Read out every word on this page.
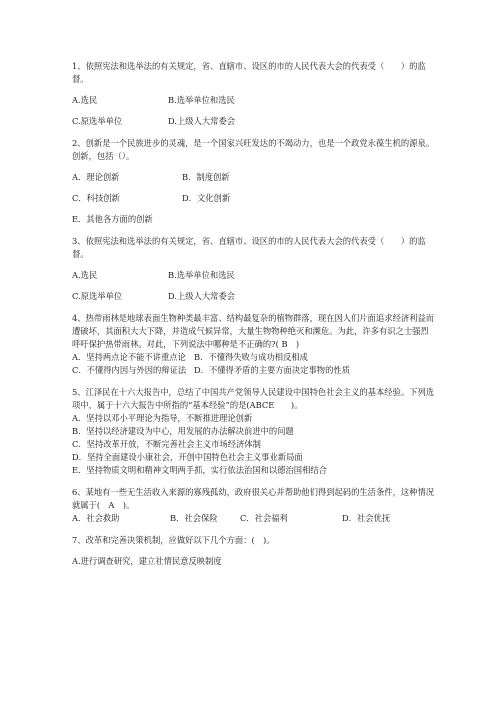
1、依照宪法和选举法的有关规定，省、直辖市、设区的市的人民代表大会的代表受（　　）的监督。

A.选民	B.选举单位和选民
C.原选举单位	D.上级人大常委会

2、创新是一个民族进步的灵魂，是一个国家兴旺发达的不竭动力，也是一个政党永葆生机的源泉。创新，包括（）。

A．理论创新	B．制度创新
C．科技创新	D．文化创新

E．其他各方面的创新

3、依照宪法和选举法的有关规定，省、直辖市、设区的市的人民代表大会的代表受（　　）的监督。

A.选民	B.选举单位和选民
C.原选举单位	D.上级人大常委会

4、热带雨林是地球表面生物种类最丰富、结构最复杂的植物群落，现在因人们片面追求经济利益而遭破坏，其面积大大下降，并造成气候异常，大量生物物种绝灭和濒危。为此，许多有识之士强烈呼吁保护热带雨林。对此，下列说法中哪种是不正确的?( B　)

A．坚持两点论不能不讲重点论 B．不懂得失败与成功相反相成
C．不懂得内因与外因的辩证法 D．不懂得矛盾的主要方面决定事物的性质

5、江泽民在十六大报告中，总结了中国共产党领导人民建设中国特色社会主义的基本经验。下列选项中，属于十六大报告中所指的“基本经验”的是(ABCE　　)。

A．坚持以邓小平理论为指导，不断推进理论创新

B．坚持以经济建设为中心，用发展的办法解决前进中的问题

C．坚持改革开放，不断完善社会主义市场经济体制

D．坚持全面建设小康社会，开创中国特色社会主义事业新局面

E．坚持物质文明和精神文明两手抓，实行依法治国和以德治国相结合

6、某地有一些无生活收入来源的寡残孤幼，政府很关心并帮助他们得到起码的生活条件，这种情况就属于(　A　)。

A．社会救助	B．社会保险	C．社会福利	D．社会优抚

7、改革和完善决策机制，应做好以下几个方面：(　)。

A.进行调查研究，建立社情民意反映制度
